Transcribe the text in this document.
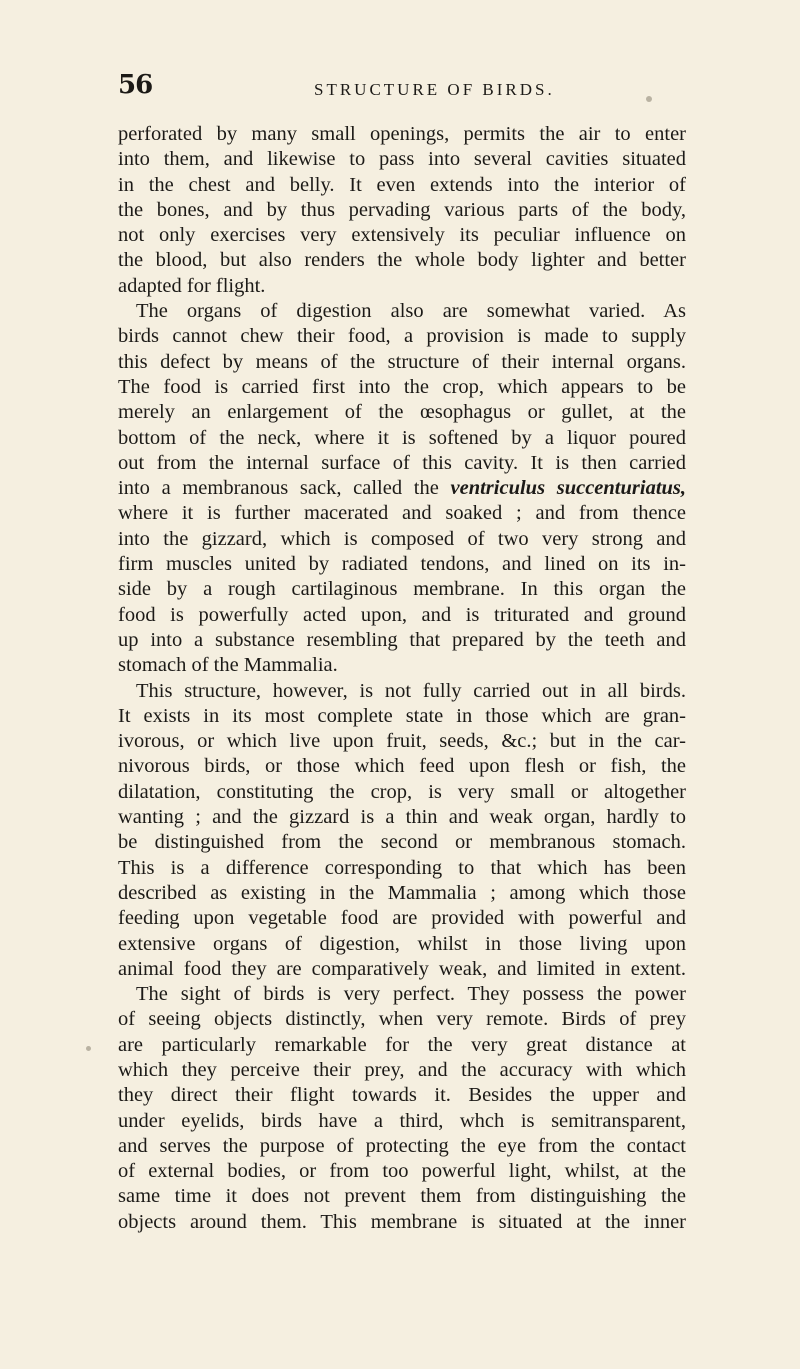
56	STRUCTURE OF BIRDS.
perforated by many small openings, permits the air to enter
into them, and likewise to pass into several cavities situated
in the chest and belly. It even extends into the interior of
the bones, and by thus pervading various parts of the body,
not only exercises very extensively its peculiar influence on
the blood, but also renders the whole body lighter and better
adapted for flight.
The organs of digestion also are somewhat varied. As
birds cannot chew their food, a provision is made to supply
this defect by means of the structure of their internal organs.
The food is carried first into the crop, which appears to be
merely an enlargement of the œsophagus or gullet, at the
bottom of the neck, where it is softened by a liquor poured
out from the internal surface of this cavity. It is then carried
into a membranous sack, called the ventriculus succenturiatus,
where it is further macerated and soaked ; and from thence
into the gizzard, which is composed of two very strong and
firm muscles united by radiated tendons, and lined on its in-
side by a rough cartilaginous membrane. In this organ the
food is powerfully acted upon, and is triturated and ground
up into a substance resembling that prepared by the teeth and
stomach of the Mammalia.
This structure, however, is not fully carried out in all birds.
It exists in its most complete state in those which are gran-
ivorous, or which live upon fruit, seeds, &c.; but in the car-
nivorous birds, or those which feed upon flesh or fish, the
dilatation, constituting the crop, is very small or altogether
wanting ; and the gizzard is a thin and weak organ, hardly to
be distinguished from the second or membranous stomach.
This is a difference corresponding to that which has been
described as existing in the Mammalia ; among which those
feeding upon vegetable food are provided with powerful and
extensive organs of digestion, whilst in those living upon
animal food they are comparatively weak, and limited in extent.
The sight of birds is very perfect. They possess the power
of seeing objects distinctly, when very remote. Birds of prey
are particularly remarkable for the very great distance at
which they perceive their prey, and the accuracy with which
they direct their flight towards it. Besides the upper and
under eyelids, birds have a third, whch is semitransparent,
and serves the purpose of protecting the eye from the contact
of external bodies, or from too powerful light, whilst, at the
same time it does not prevent them from distinguishing the
objects around them. This membrane is situated at the inner
